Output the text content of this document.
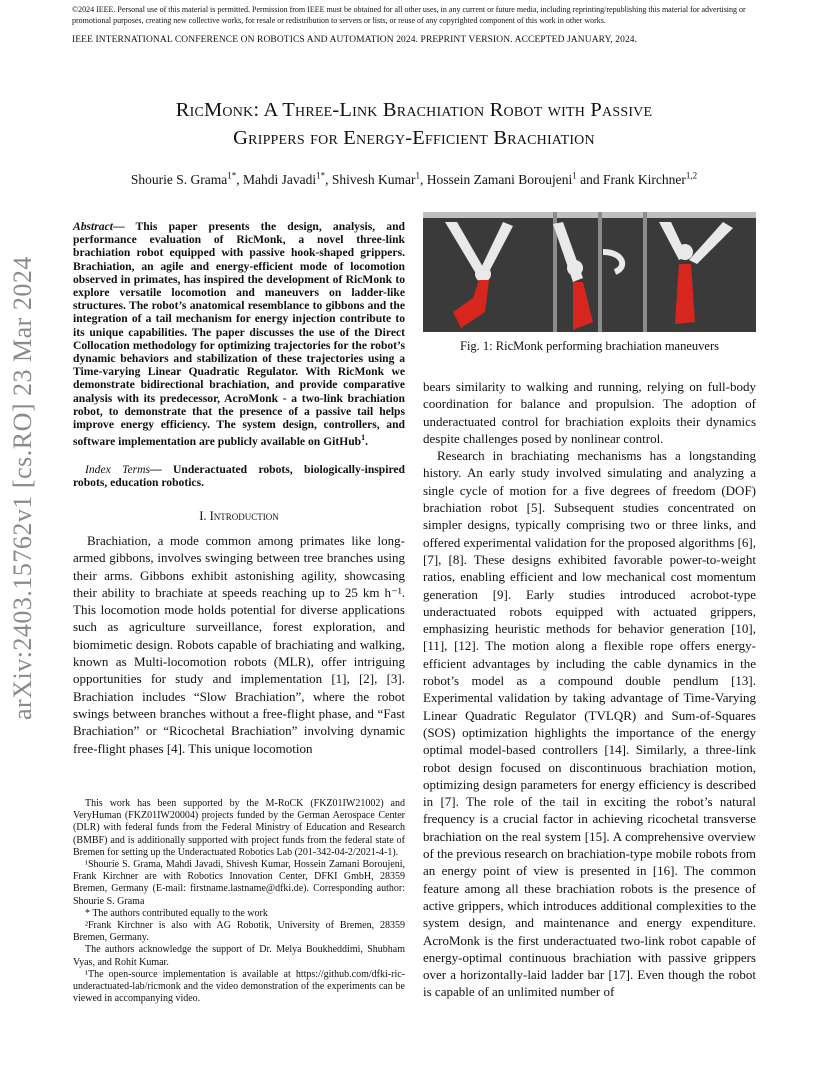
©2024 IEEE. Personal use of this material is permitted. Permission from IEEE must be obtained for all other uses, in any current or future media, including reprinting/republishing this material for advertising or promotional purposes, creating new collective works, for resale or redistribution to servers or lists, or reuse of any copyrighted component of this work in other works.
IEEE INTERNATIONAL CONFERENCE ON ROBOTICS AND AUTOMATION 2024. PREPRINT VERSION. ACCEPTED JANUARY, 2024.
RicMonk: A Three-Link Brachiation Robot with Passive
Grippers for Energy-Efficient Brachiation
Shourie S. Grama$^{1*}$, Mahdi Javadi$^{1*}$, Shivesh Kumar$^1$, Hossein Zamani Boroujeni$^1$ and Frank Kirchner$^{1,2}$
arXiv:2403.15762v1 [cs.RO] 23 Mar 2024
Abstract— This paper presents the design, analysis, and performance evaluation of RicMonk, a novel three-link brachiation robot equipped with passive hook-shaped grippers. Brachiation, an agile and energy-efficient mode of locomotion observed in primates, has inspired the development of RicMonk to explore versatile locomotion and maneuvers on ladder-like structures. The robot’s anatomical resemblance to gibbons and the integration of a tail mechanism for energy injection contribute to its unique capabilities. The paper discusses the use of the Direct Collocation methodology for optimizing trajectories for the robot’s dynamic behaviors and stabilization of these trajectories using a Time-varying Linear Quadratic Regulator. With RicMonk we demonstrate bidirectional brachiation, and provide comparative analysis with its predecessor, AcroMonk - a two-link brachiation robot, to demonstrate that the presence of a passive tail helps improve energy efficiency. The system design, controllers, and software implementation are publicly available on GitHub$^1$.
Index Terms— Underactuated robots, biologically-inspired robots, education robotics.
I. Introduction

Brachiation, a mode common among primates like long-armed gibbons, involves swinging between tree branches using their arms. Gibbons exhibit astonishing agility, showcasing their ability to brachiate at speeds reaching up to 25 km h⁻¹. This locomotion mode holds potential for diverse applications such as agriculture surveillance, forest exploration, and biomimetic design. Robots capable of brachiating and walking, known as Multi-locomotion robots (MLR), offer intriguing opportunities for study and implementation [1], [2], [3]. Brachiation includes “Slow Brachiation”, where the robot swings between branches without a free-flight phase, and “Fast Brachiation” or “Ricochetal Brachiation” involving dynamic free-flight phases [4]. This unique locomotion

This work has been supported by the M-RoCK (FKZ01IW21002) and VeryHuman (FKZ01IW20004) projects funded by the German Aerospace Center (DLR) with federal funds from the Federal Ministry of Education and Research (BMBF) and is additionally supported with project funds from the federal state of Bremen for setting up the Underactuated Robotics Lab (201-342-04-2/2021-4-1).

¹Shourie S. Grama, Mahdi Javadi, Shivesh Kumar, Hossein Zamani Boroujeni, Frank Kirchner are with Robotics Innovation Center, DFKI GmbH, 28359 Bremen, Germany (E-mail: firstname.lastname@dfki.de). Corresponding author: Shourie S. Grama

* The authors contributed equally to the work

²Frank Kirchner is also with AG Robotik, University of Bremen, 28359 Bremen, Germany.

The authors acknowledge the support of Dr. Melya Boukheddimi, Shubham Vyas, and Rohit Kumar.

¹The open-source implementation is available at https://github.com/dfki-ric-underactuated-lab/ricmonk and the video demonstration of the experiments can be viewed in accompanying video.

Fig. 1: RicMonk performing brachiation maneuvers

bears similarity to walking and running, relying on full-body coordination for balance and propulsion. The adoption of underactuated control for brachiation exploits their dynamics despite challenges posed by nonlinear control.

Research in brachiating mechanisms has a longstanding history. An early study involved simulating and analyzing a single cycle of motion for a five degrees of freedom (DOF) brachiation robot [5]. Subsequent studies concentrated on simpler designs, typically comprising two or three links, and offered experimental validation for the proposed algorithms [6], [7], [8]. These designs exhibited favorable power-to-weight ratios, enabling efficient and low mechanical cost momentum generation [9]. Early studies introduced acrobot-type underactuated robots equipped with actuated grippers, emphasizing heuristic methods for behavior generation [10], [11], [12]. The motion along a flexible rope offers energy-efficient advantages by including the cable dynamics in the robot’s model as a compound double pendlum [13]. Experimental validation by taking advantage of Time-Varying Linear Quadratic Regulator (TVLQR) and Sum-of-Squares (SOS) optimization highlights the importance of the energy optimal model-based controllers [14]. Similarly, a three-link robot design focused on discontinuous brachiation motion, optimizing design parameters for energy efficiency is described in [7]. The role of the tail in exciting the robot’s natural frequency is a crucial factor in achieving ricochetal transverse brachiation on the real system [15]. A comprehensive overview of the previous research on brachiation-type mobile robots from an energy point of view is presented in [16]. The common feature among all these brachiation robots is the presence of active grippers, which introduces additional complexities to the system design, and maintenance and energy expenditure. AcroMonk is the first underactuated two-link robot capable of energy-optimal continuous brachiation with passive grippers over a horizontally-laid ladder bar [17]. Even though the robot is capable of an unlimited number of
